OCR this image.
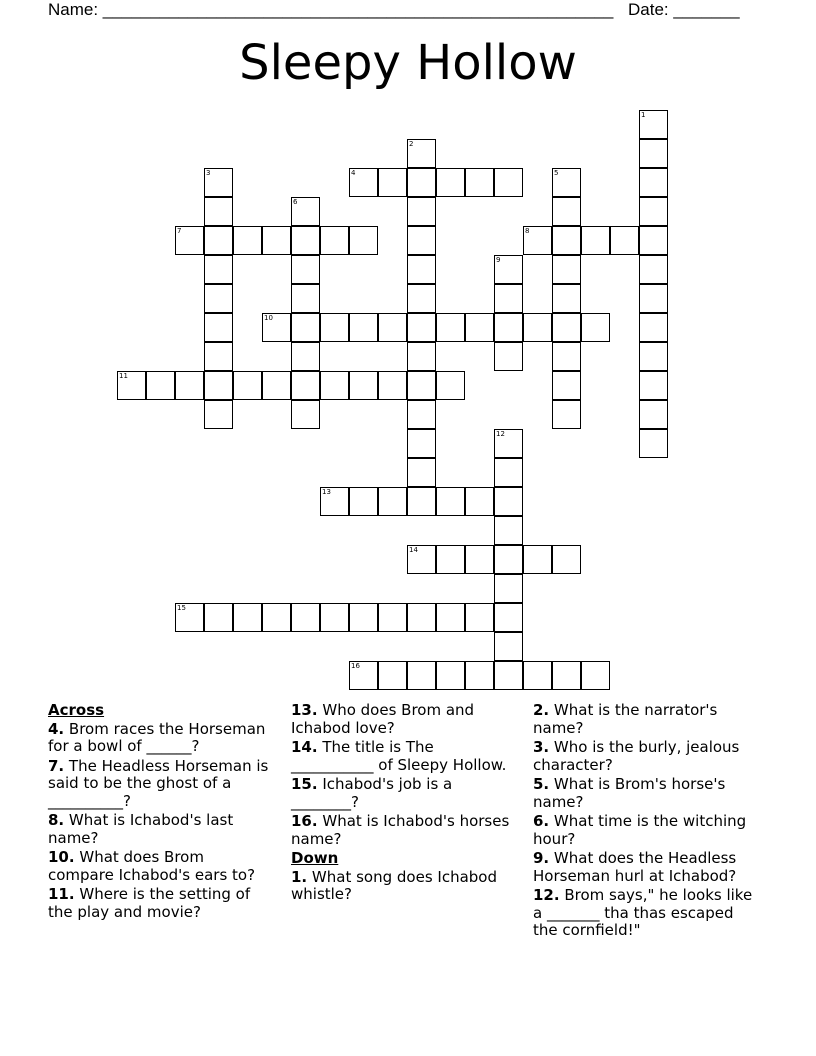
Name: ______________________________________________________ Date: _______
Sleepy Hollow
1
2
3	4	5
6
7	8
9
10
11
12
13
14
15
16
Across
4. Brom races the Horseman for a bowl of ______?
7. The Headless Horseman is said to be the ghost of a __________?
8. What is Ichabod's last name?
10. What does Brom compare Ichabod's ears to?
11. Where is the setting of the play and movie?
13. Who does Brom and Ichabod love?
14. The title is The ___________ of Sleepy Hollow.
15. Ichabod's job is a ________?
16. What is Ichabod's horses name?
Down
1. What song does Ichabod whistle?
2. What is the narrator's name?
3. Who is the burly, jealous character?
5. What is Brom's horse's name?
6. What time is the witching hour?
9. What does the Headless Horseman hurl at Ichabod?
12. Brom says," he looks like a _______ tha thas escaped the cornfield!"
